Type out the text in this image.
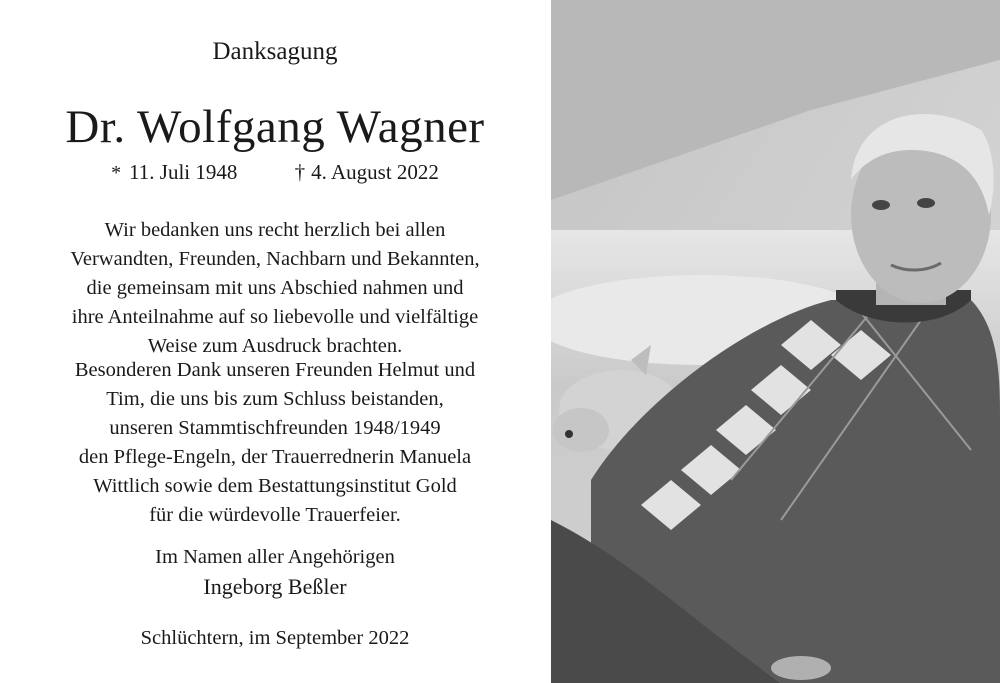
Danksagung
Dr. Wolfgang Wagner
* 11. Juli 1948	† 4. August 2022
Wir bedanken uns recht herzlich bei allen
Verwandten, Freunden, Nachbarn und Bekannten,
die gemeinsam mit uns Abschied nahmen und
ihre Anteilnahme auf so liebevolle und vielfältige
Weise zum Ausdruck brachten.
Besonderen Dank unseren Freunden Helmut und
Tim, die uns bis zum Schluss beistanden,
unseren Stammtischfreunden 1948/1949
den Pflege-Engeln, der Trauerrednerin Manuela
Wittlich sowie dem Bestattungsinstitut Gold
für die würdevolle Trauerfeier.
Im Namen aller Angehörigen
Ingeborg Beßler
Schlüchtern, im September 2022
